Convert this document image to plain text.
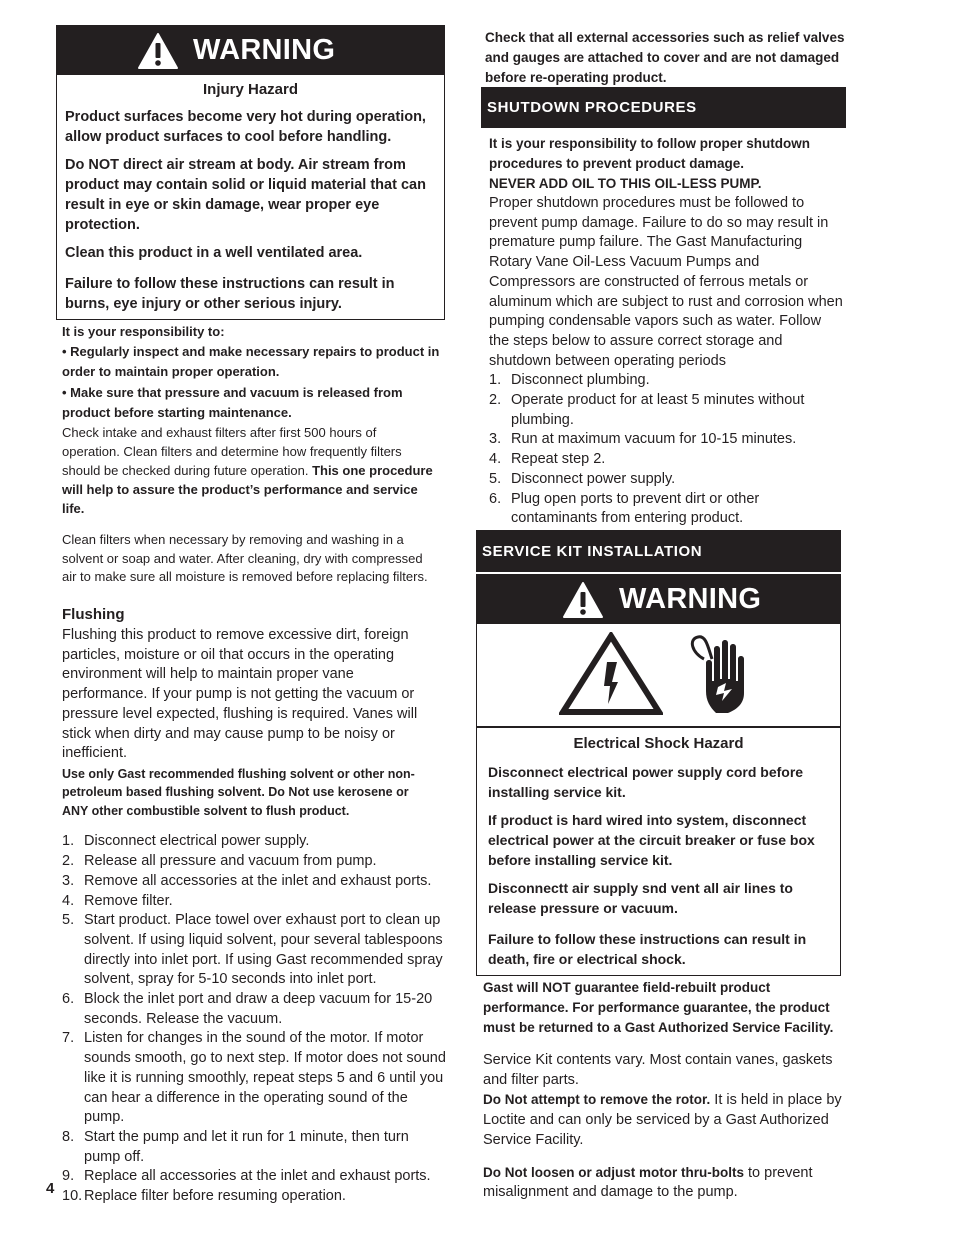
WARNING
Injury Hazard

Product surfaces become very hot during operation, allow product surfaces to cool before handling.

Do NOT direct air stream at body. Air stream from product may contain solid or liquid material that can result in eye or skin damage, wear proper eye protection.

Clean this product in a well ventilated area.

Failure to follow these instructions can result in burns, eye injury or other serious injury.

It is your responsibility to:

• Regularly inspect and make necessary repairs to product in order to maintain proper operation.

• Make sure that pressure and vacuum is released from product before starting maintenance.

Check intake and exhaust filters after first 500 hours of operation. Clean filters and determine how frequently filters should be checked during future operation. This one procedure will help to assure the product’s performance and service life.

Clean filters when necessary by removing and washing in a solvent or soap and water. After cleaning, dry with compressed air to make sure all moisture is removed before replacing filters.

Flushing

Flushing this product to remove excessive dirt, foreign particles, moisture or oil that occurs in the operating environment will help to maintain proper vane performance. If your pump is not getting the vacuum or pressure level expected, flushing is required. Vanes will stick when dirty and may cause pump to be noisy or inefficient.

Use only Gast recommended flushing solvent or other non-petroleum based flushing solvent. Do Not use kerosene or ANY other combustible solvent to flush product.

1. Disconnect electrical power supply.
2. Release all pressure and vacuum from pump.
3. Remove all accessories at the inlet and exhaust ports.
4. Remove filter.
5. Start product. Place towel over exhaust port to clean up solvent. If using liquid solvent, pour several tablespoons directly into inlet port. If using Gast recommended spray solvent, spray for 5-10 seconds into inlet port.
6. Block the inlet port and draw a deep vacuum for 15-20 seconds. Release the vacuum.
7. Listen for changes in the sound of the motor. If motor sounds smooth, go to next step. If motor does not sound like it is running smoothly, repeat steps 5 and 6 until you can hear a difference in the operating sound of the pump.
8. Start the pump and let it run for 1 minute, then turn pump off.
9. Replace all accessories at the inlet and exhaust ports.
10. Replace filter before resuming operation.
4

Check that all external accessories such as relief valves and gauges are attached to cover and are not damaged before re-operating product.

SHUTDOWN PROCEDURES

It is your responsibility to follow proper shutdown procedures to prevent product damage.

NEVER ADD OIL TO THIS OIL-LESS PUMP.

Proper shutdown procedures must be followed to prevent pump damage. Failure to do so may result in premature pump failure. The Gast Manufacturing Rotary Vane Oil-Less Vacuum Pumps and Compressors are constructed of ferrous metals or aluminum which are subject to rust and corrosion when pumping condensable vapors such as water. Follow the steps below to assure correct storage and shutdown between operating periods

1. Disconnect plumbing.
2. Operate product for at least 5 minutes without plumbing.
3. Run at maximum vacuum for 10-15 minutes.
4. Repeat step 2.
5. Disconnect power supply.
6. Plug open ports to prevent dirt or other contaminants from entering product.
SERVICE KIT INSTALLATION
WARNING
Electrical Shock Hazard

Disconnect electrical power supply cord before installing service kit.

If product is hard wired into system, disconnect electrical power at the circuit breaker or fuse box before installing service kit.

Disconnectt air supply snd vent all air lines to release pressure or vacuum.

Failure to follow these instructions can result in death, fire or electrical shock.

Gast will NOT guarantee field-rebuilt product performance. For performance guarantee, the product must be returned to a Gast Authorized Service Facility.

Service Kit contents vary. Most contain vanes, gaskets and filter parts.

Do Not attempt to remove the rotor. It is held in place by Loctite and can only be serviced by a Gast Authorized Service Facility.

Do Not loosen or adjust motor thru-bolts to prevent misalignment and damage to the pump.
